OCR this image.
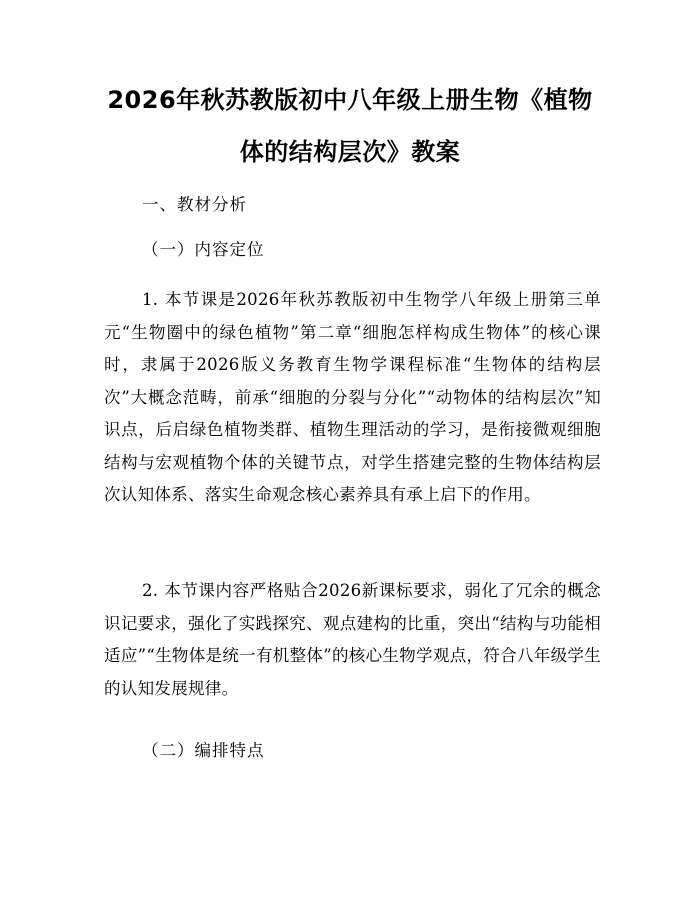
2026年秋苏教版初中八年级上册生物《植物
体的结构层次》教案
一、教材分析
（一）内容定位
1. 本节课是2026年秋苏教版初中生物学八年级上册第三单元“生物圈中的绿色植物”第二章“细胞怎样构成生物体”的核心课时，隶属于2026版义务教育生物学课程标准“生物体的结构层次”大概念范畴，前承“细胞的分裂与分化”“动物体的结构层次”知识点，后启绿色植物类群、植物生理活动的学习，是衔接微观细胞结构与宏观植物个体的关键节点，对学生搭建完整的生物体结构层次认知体系、落实生命观念核心素养具有承上启下的作用。
2. 本节课内容严格贴合2026新课标要求，弱化了冗余的概念识记要求，强化了实践探究、观点建构的比重，突出“结构与功能相适应”“生物体是统一有机整体”的核心生物学观点，符合八年级学生的认知发展规律。
（二）编排特点
